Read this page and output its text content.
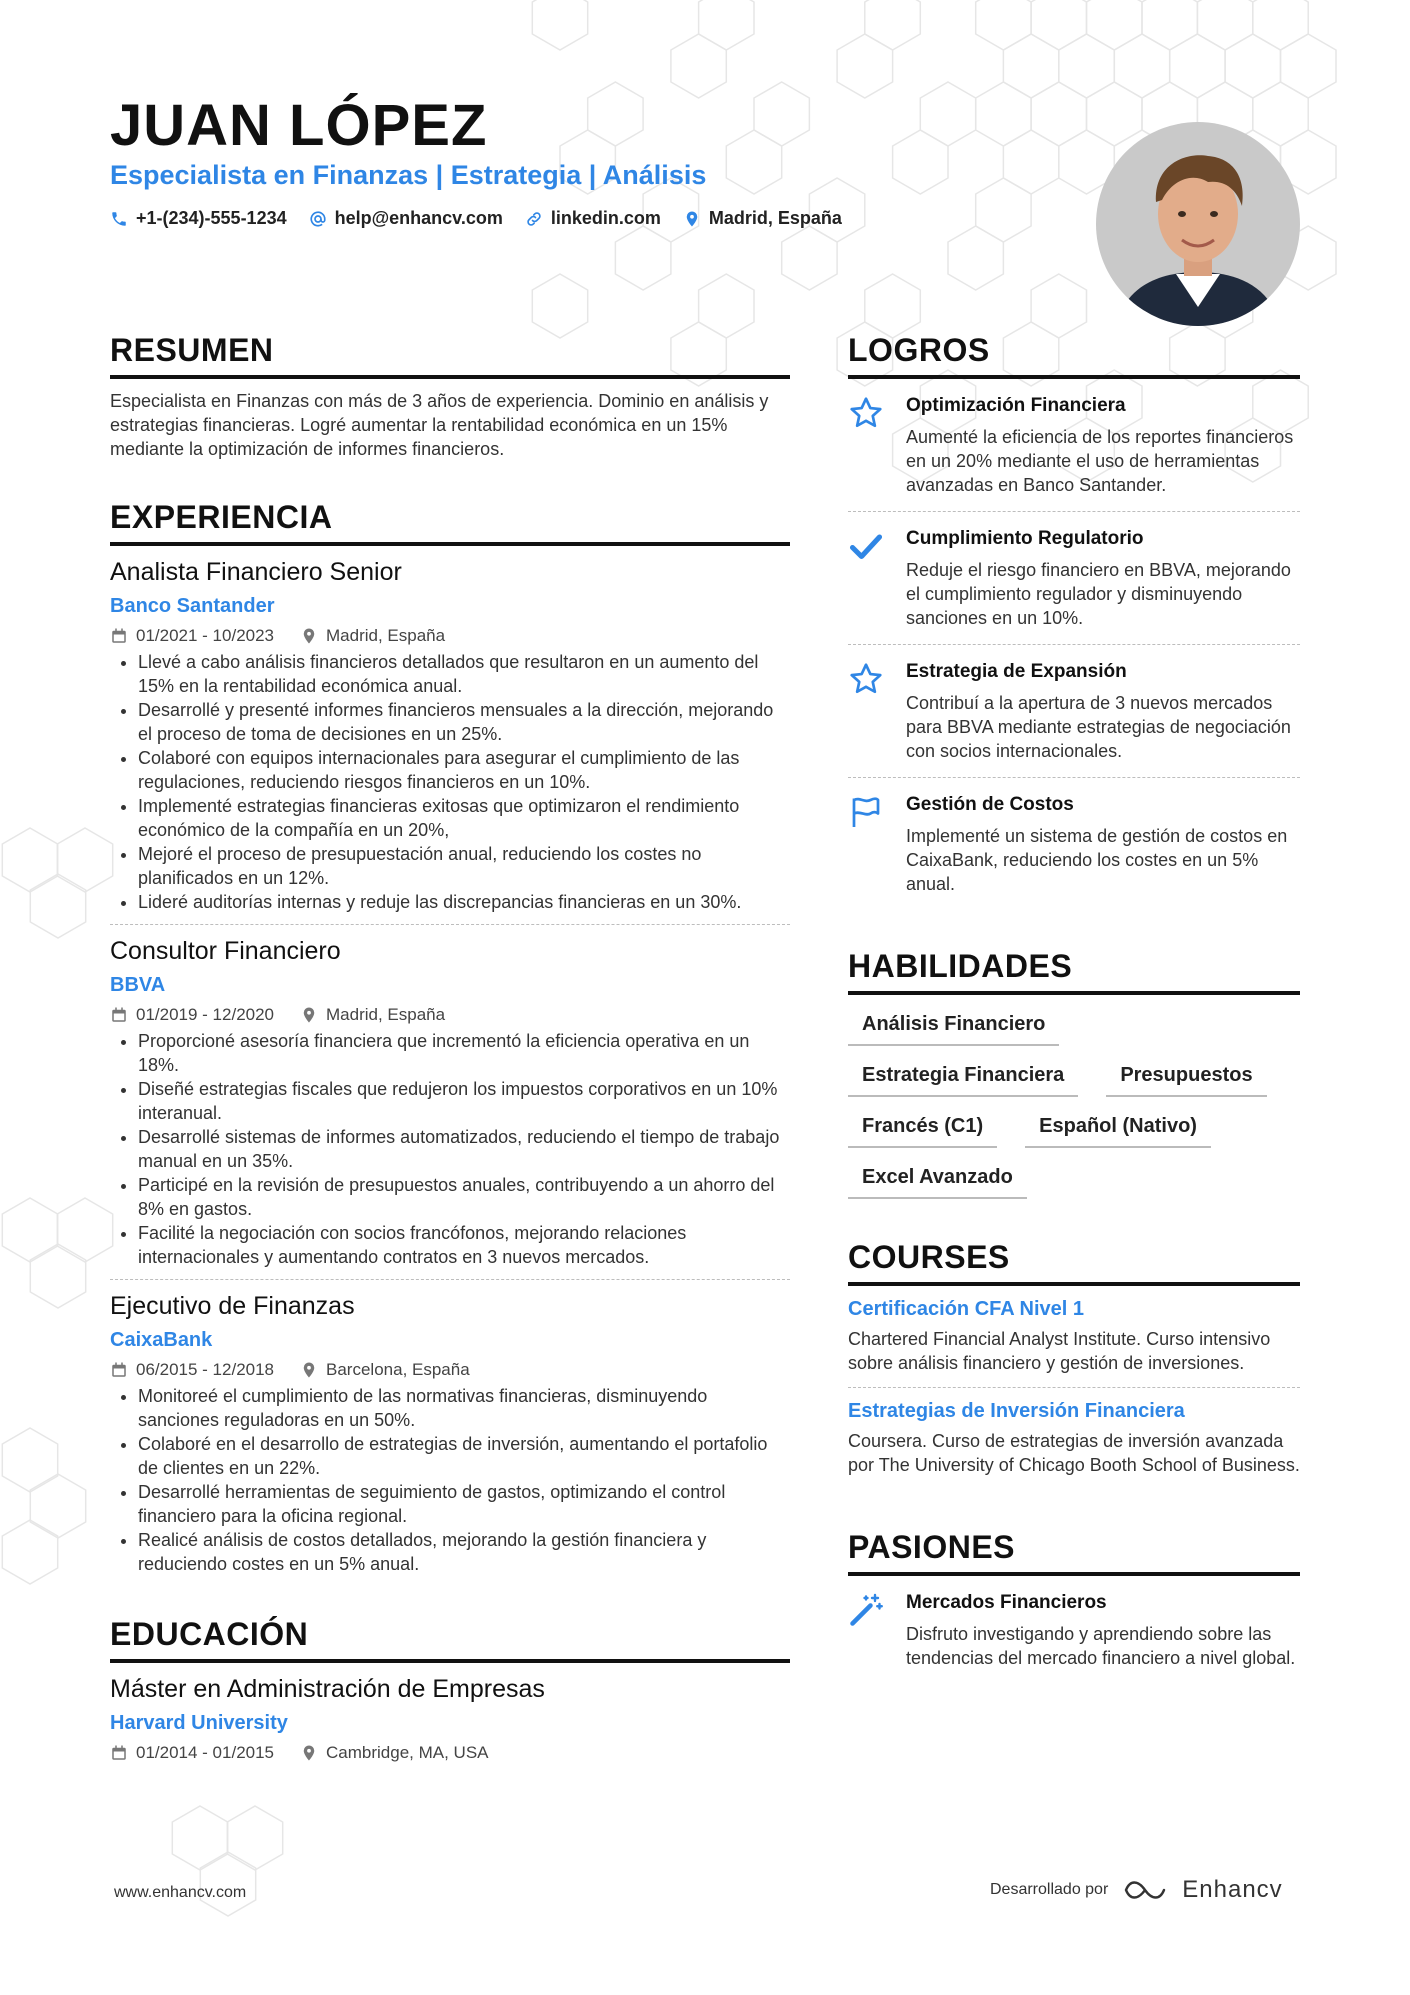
JUAN LÓPEZ
Especialista en Finanzas | Estrategia | Análisis
+1-(234)-555-1234	help@enhancv.com	linkedin.com	Madrid, España
RESUMEN

Especialista en Finanzas con más de 3 años de experiencia. Dominio en análisis y estrategias financieras. Logré aumentar la rentabilidad económica en un 15% mediante la optimización de informes financieros.

EXPERIENCIA
Analista Financiero Senior
Banco Santander
01/2021 - 10/2023	Madrid, España
• Llevé a cabo análisis financieros detallados que resultaron en un aumento del 15% en la rentabilidad económica anual.
• Desarrollé y presenté informes financieros mensuales a la dirección, mejorando el proceso de toma de decisiones en un 25%.
• Colaboré con equipos internacionales para asegurar el cumplimiento de las regulaciones, reduciendo riesgos financieros en un 10%.
• Implementé estrategias financieras exitosas que optimizaron el rendimiento económico de la compañía en un 20%,
• Mejoré el proceso de presupuestación anual, reduciendo los costes no planificados en un 12%.
• Lideré auditorías internas y reduje las discrepancias financieras en un 30%.
Consultor Financiero
BBVA
01/2019 - 12/2020	Madrid, España
• Proporcioné asesoría financiera que incrementó la eficiencia operativa en un 18%.
• Diseñé estrategias fiscales que redujeron los impuestos corporativos en un 10% interanual.
• Desarrollé sistemas de informes automatizados, reduciendo el tiempo de trabajo manual en un 35%.
• Participé en la revisión de presupuestos anuales, contribuyendo a un ahorro del 8% en gastos.
• Facilité la negociación con socios francófonos, mejorando relaciones internacionales y aumentando contratos en 3 nuevos mercados.
Ejecutivo de Finanzas
CaixaBank
06/2015 - 12/2018	Barcelona, España
• Monitoreé el cumplimiento de las normativas financieras, disminuyendo sanciones reguladoras en un 50%.
• Colaboré en el desarrollo de estrategias de inversión, aumentando el portafolio de clientes en un 22%.
• Desarrollé herramientas de seguimiento de gastos, optimizando el control financiero para la oficina regional.
• Realicé análisis de costos detallados, mejorando la gestión financiera y reduciendo costes en un 5% anual.
EDUCACIÓN
Máster en Administración de Empresas
Harvard University
01/2014 - 01/2015	Cambridge, MA, USA
LOGROS
Optimización Financiera
Aumenté la eficiencia de los reportes financieros en un 20% mediante el uso de herramientas avanzadas en Banco Santander.
Cumplimiento Regulatorio
Reduje el riesgo financiero en BBVA, mejorando el cumplimiento regulador y disminuyendo sanciones en un 10%.
Estrategia de Expansión
Contribuí a la apertura de 3 nuevos mercados para BBVA mediante estrategias de negociación con socios internacionales.
Gestión de Costos
Implementé un sistema de gestión de costos en CaixaBank, reduciendo los costes en un 5% anual.
HABILIDADES
Análisis Financiero
Estrategia Financiera	Presupuestos
Francés (C1)	Español (Nativo)
Excel Avanzado
COURSES
Certificación CFA Nivel 1
Chartered Financial Analyst Institute. Curso intensivo sobre análisis financiero y gestión de inversiones.
Estrategias de Inversión Financiera
Coursera. Curso de estrategias de inversión avanzada por The University of Chicago Booth School of Business.
PASIONES
Mercados Financieros
Disfruto investigando y aprendiendo sobre las tendencias del mercado financiero a nivel global.
www.enhancv.com	Desarrollado por	Enhancv
